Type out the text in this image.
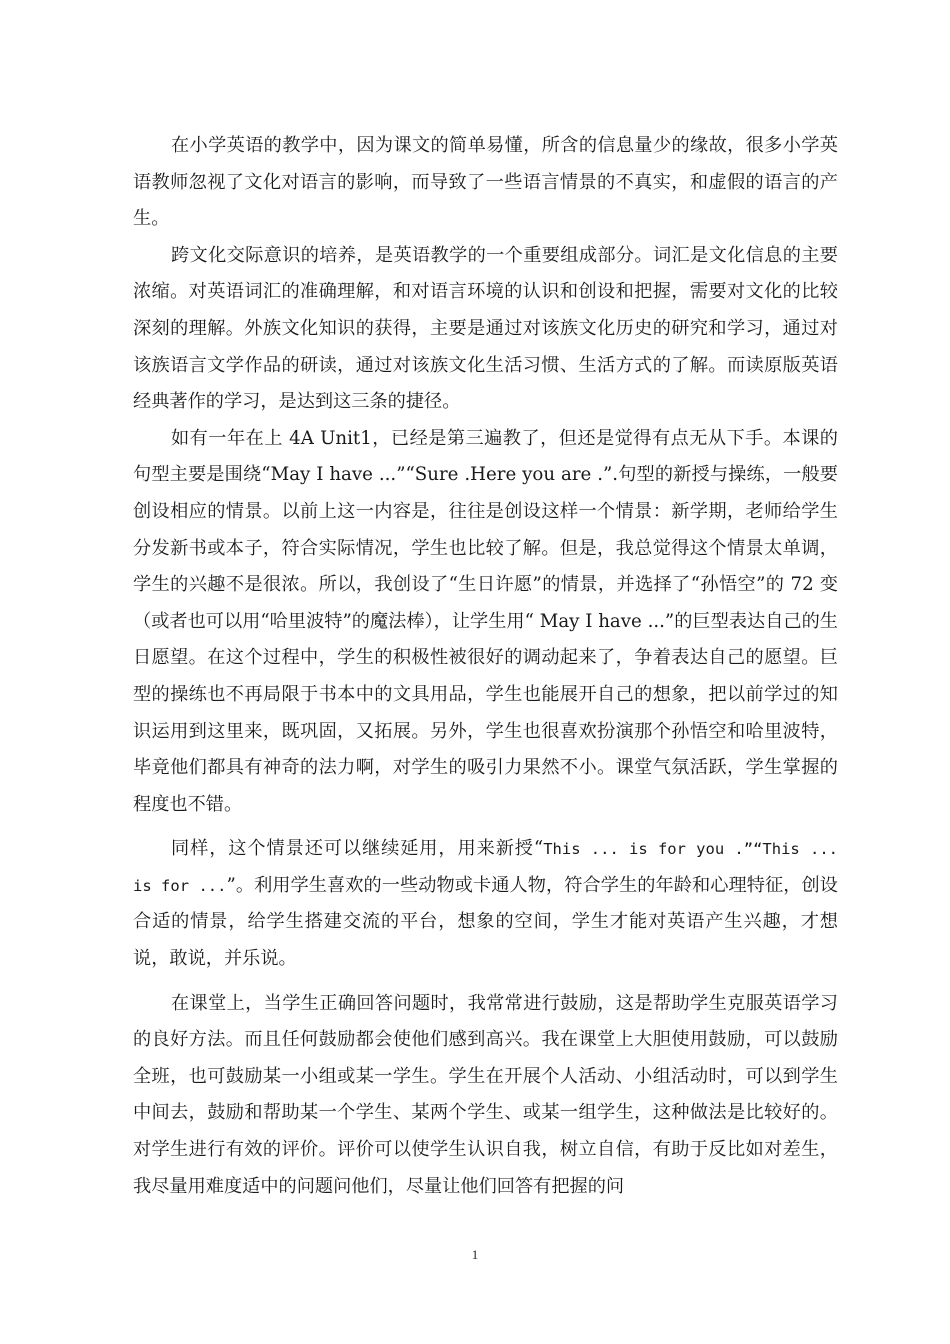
在小学英语的教学中，因为课文的简单易懂，所含的信息量少的缘故，很多小学英语教师忽视了文化对语言的影响，而导致了一些语言情景的不真实，和虚假的语言的产生。

跨文化交际意识的培养，是英语教学的一个重要组成部分。词汇是文化信息的主要浓缩。对英语词汇的准确理解，和对语言环境的认识和创设和把握，需要对文化的比较深刻的理解。外族文化知识的获得，主要是通过对该族文化历史的研究和学习，通过对该族语言文学作品的研读，通过对该族文化生活习惯、生活方式的了解。而读原版英语经典著作的学习，是达到这三条的捷径。

如有一年在上 4A Unit1，已经是第三遍教了，但还是觉得有点无从下手。本课的句型主要是围绕“May I have ...”“Sure .Here you are .”.句型的新授与操练，一般要创设相应的情景。以前上这一内容是，往往是创设这样一个情景：新学期，老师给学生分发新书或本子，符合实际情况，学生也比较了解。但是，我总觉得这个情景太单调，学生的兴趣不是很浓。所以，我创设了“生日许愿”的情景，并选择了“孙悟空”的 72 变（或者也可以用“哈里波特”的魔法棒），让学生用“ May I have ...”的巨型表达自己的生日愿望。在这个过程中，学生的积极性被很好的调动起来了，争着表达自己的愿望。巨型的操练也不再局限于书本中的文具用品，学生也能展开自己的想象，把以前学过的知识运用到这里来，既巩固，又拓展。另外，学生也很喜欢扮演那个孙悟空和哈里波特，毕竟他们都具有神奇的法力啊，对学生的吸引力果然不小。课堂气氛活跃，学生掌握的程度也不错。

同样，这个情景还可以继续延用，用来新授“This ... is for you .”“This ... is for ...”。利用学生喜欢的一些动物或卡通人物，符合学生的年龄和心理特征，创设合适的情景，给学生搭建交流的平台，想象的空间，学生才能对英语产生兴趣，才想说，敢说，并乐说。

在课堂上，当学生正确回答问题时，我常常进行鼓励，这是帮助学生克服英语学习的良好方法。而且任何鼓励都会使他们感到高兴。我在课堂上大胆使用鼓励，可以鼓励全班，也可鼓励某一小组或某一学生。学生在开展个人活动、小组活动时，可以到学生中间去，鼓励和帮助某一个学生、某两个学生、或某一组学生，这种做法是比较好的。对学生进行有效的评价。评价可以使学生认识自我，树立自信，有助于反比如对差生，我尽量用难度适中的问题问他们，尽量让他们回答有把握的问

1
